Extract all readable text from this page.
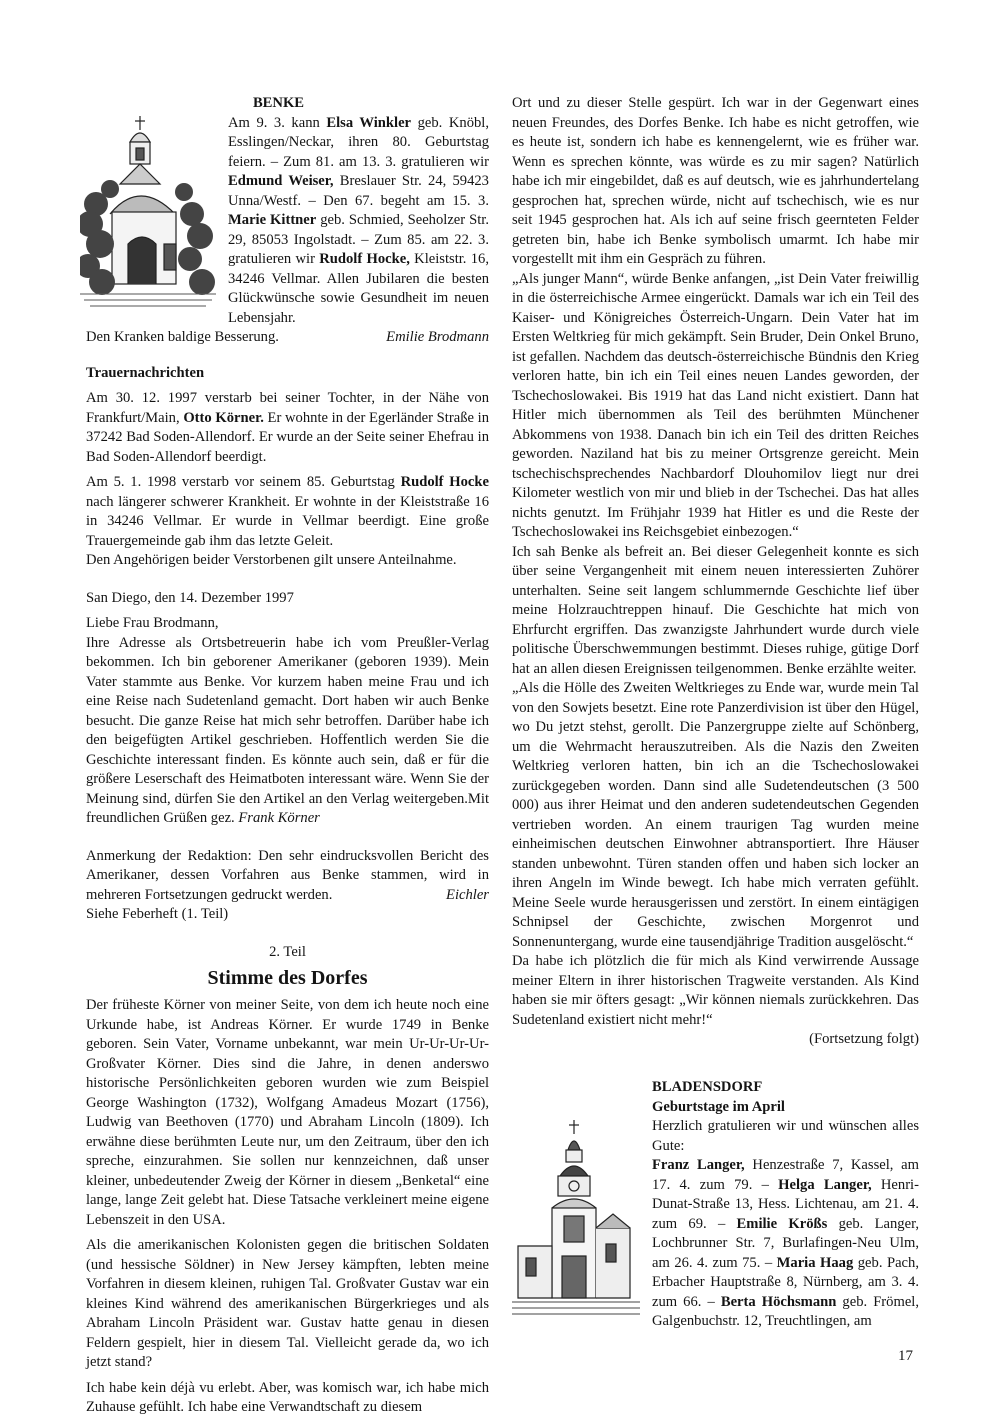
BENKE

Am 9. 3. kann Elsa Winkler geb. Knöbl, Esslingen/Neckar, ihren 80. Geburtstag feiern. – Zum 81. am 13. 3. gratulieren wir Edmund Weiser, Breslauer Str. 24, 59423 Unna/Westf. – Den 67. begeht am 15. 3. Marie Kittner geb. Schmied, Seeholzer Str. 29, 85053 Ingolstadt. – Zum 85. am 22. 3. gratulieren wir Rudolf Hocke, Kleiststr. 16, 34246 Vellmar. Allen Jubilaren die besten Glückwünsche sowie Gesundheit im neuen Lebensjahr.

Den Kranken baldige Besserung.	Emilie Brodmann

Trauernachrichten

Am 30. 12. 1997 verstarb bei seiner Tochter, in der Nähe von Frankfurt/Main, Otto Körner. Er wohnte in der Egerländer Straße in 37242 Bad Soden-Allendorf. Er wurde an der Seite seiner Ehefrau in Bad Soden-Allendorf beerdigt.

Am 5. 1. 1998 verstarb vor seinem 85. Geburtstag Rudolf Hocke nach längerer schwerer Krankheit. Er wohnte in der Kleiststraße 16 in 34246 Vellmar. Er wurde in Vellmar beerdigt. Eine große Trauergemeinde gab ihm das letzte Geleit.

Den Angehörigen beider Verstorbenen gilt unsere Anteilnahme.

San Diego, den 14. Dezember 1997

Liebe Frau Brodmann,

Ihre Adresse als Ortsbetreuerin habe ich vom Preußler-Verlag bekommen. Ich bin geborener Amerikaner (geboren 1939). Mein Vater stammte aus Benke. Vor kurzem haben meine Frau und ich eine Reise nach Sudetenland gemacht. Dort haben wir auch Benke besucht. Die ganze Reise hat mich sehr betroffen. Darüber habe ich den beigefügten Artikel geschrieben. Hoffentlich werden Sie die Geschichte interessant finden. Es könnte auch sein, daß er für die größere Leserschaft des Heimatboten interessant wäre. Wenn Sie der Meinung sind, dürfen Sie den Artikel an den Verlag weitergeben.Mit freundlichen Grüßen gez. Frank Körner

Anmerkung der Redaktion: Den sehr eindrucksvollen Bericht des Amerikaner, dessen Vorfahren aus Benke stammen, wird in mehreren Fortsetzungen gedruckt werden.	Eichler

Siehe Feberheft (1. Teil)

2. Teil

Stimme des Dorfes

Der früheste Körner von meiner Seite, von dem ich heute noch eine Urkunde habe, ist Andreas Körner. Er wurde 1749 in Benke geboren. Sein Vater, Vorname unbekannt, war mein Ur-Ur-Ur-Ur-Großvater Körner. Dies sind die Jahre, in denen anderswo historische Persönlichkeiten geboren wurden wie zum Beispiel George Washington (1732), Wolfgang Amadeus Mozart (1756), Ludwig van Beethoven (1770) und Abraham Lincoln (1809). Ich erwähne diese berühmten Leute nur, um den Zeitraum, über den ich spreche, einzurahmen. Sie sollen nur kennzeichnen, daß unser kleiner, unbedeutender Zweig der Körner in diesem „Benketal“ eine lange, lange Zeit gelebt hat. Diese Tatsache verkleinert meine eigene Lebenszeit in den USA.

Als die amerikanischen Kolonisten gegen die britischen Soldaten (und hessische Söldner) in New Jersey kämpften, lebten meine Vorfahren in diesem kleinen, ruhigen Tal. Großvater Gustav war ein kleines Kind während des amerikanischen Bürgerkrieges und als Abraham Lincoln Präsident war. Gustav hatte genau in diesen Feldern gespielt, hier in diesem Tal. Vielleicht gerade da, wo ich jetzt stand?

Ich habe kein déjà vu erlebt. Aber, was komisch war, ich habe mich Zuhause gefühlt. Ich habe eine Verwandtschaft zu diesem

Ort und zu dieser Stelle gespürt. Ich war in der Gegenwart eines neuen Freundes, des Dorfes Benke. Ich habe es nicht getroffen, wie es heute ist, sondern ich habe es kennengelernt, wie es früher war. Wenn es sprechen könnte, was würde es zu mir sagen? Natürlich habe ich mir eingebildet, daß es auf deutsch, wie es jahrhundertelang gesprochen hat, sprechen würde, nicht auf tschechisch, wie es nur seit 1945 gesprochen hat. Als ich auf seine frisch geernteten Felder getreten bin, habe ich Benke symbolisch umarmt. Ich habe mir vorgestellt mit ihm ein Gespräch zu führen.

„Als junger Mann“, würde Benke anfangen, „ist Dein Vater freiwillig in die österreichische Armee eingerückt. Damals war ich ein Teil des Kaiser- und Königreiches Österreich-Ungarn. Dein Vater hat im Ersten Weltkrieg für mich gekämpft. Sein Bruder, Dein Onkel Bruno, ist gefallen. Nachdem das deutsch-österreichische Bündnis den Krieg verloren hatte, bin ich ein Teil eines neuen Landes geworden, der Tschechoslowakei. Bis 1919 hat das Land nicht existiert. Dann hat Hitler mich übernommen als Teil des berühmten Münchener Abkommens von 1938. Danach bin ich ein Teil des dritten Reiches geworden. Naziland hat bis zu meiner Ortsgrenze gereicht. Mein tschechischsprechendes Nachbardorf Dlouhomilov liegt nur drei Kilometer westlich von mir und blieb in der Tschechei. Das hat alles nichts genutzt. Im Frühjahr 1939 hat Hitler es und die Reste der Tschechoslowakei ins Reichsgebiet einbezogen.“

Ich sah Benke als befreit an. Bei dieser Gelegenheit konnte es sich über seine Vergangenheit mit einem neuen interessierten Zuhörer unterhalten. Seine seit langem schlummernde Geschichte lief über meine Holzrauchtreppen hinauf. Die Geschichte hat mich von Ehrfurcht ergriffen. Das zwanzigste Jahrhundert wurde durch viele politische Überschwemmungen bestimmt. Dieses ruhige, gütige Dorf hat an allen diesen Ereignissen teilgenommen. Benke erzählte weiter.

„Als die Hölle des Zweiten Weltkrieges zu Ende war, wurde mein Tal von den Sowjets besetzt. Eine rote Panzerdivision ist über den Hügel, wo Du jetzt stehst, gerollt. Die Panzergruppe zielte auf Schönberg, um die Wehrmacht herauszutreiben. Als die Nazis den Zweiten Weltkrieg verloren hatten, bin ich an die Tschechoslowakei zurückgegeben worden. Dann sind alle Sudetendeutschen (3 500 000) aus ihrer Heimat und den anderen sudetendeutschen Gegenden vertrieben worden. An einem traurigen Tag wurden meine einheimischen deutschen Einwohner abtransportiert. Ihre Häuser standen unbewohnt. Türen standen offen und haben sich locker an ihren Angeln im Winde bewegt. Ich habe mich verraten gefühlt. Meine Seele wurde herausgerissen und zerstört. In einem eintägigen Schnipsel der Geschichte, zwischen Morgenrot und Sonnenuntergang, wurde eine tausendjährige Tradition ausgelöscht.“

Da habe ich plötzlich die für mich als Kind verwirrende Aussage meiner Eltern in ihrer historischen Tragweite verstanden. Als Kind haben sie mir öfters gesagt: „Wir können niemals zurückkehren. Das Sudetenland existiert nicht mehr!“

(Fortsetzung folgt)

BLADENSDORF

Geburtstage im April

Herzlich gratulieren wir und wünschen alles Gute:

Franz Langer, Henzestraße 7, Kassel, am 17. 4. zum 79. – Helga Langer, Henri-Dunat-Straße 13, Hess. Lichtenau, am 21. 4. zum 69. – Emilie Krößs geb. Langer, Lochbrunner Str. 7, Burlafingen-Neu Ulm, am 26. 4. zum 75. – Maria Haag geb. Pach, Erbacher Hauptstraße 8, Nürnberg, am 3. 4. zum 66. – Berta Höchsmann geb. Frömel, Galgenbuchstr. 12, Treuchtlingen, am

17
